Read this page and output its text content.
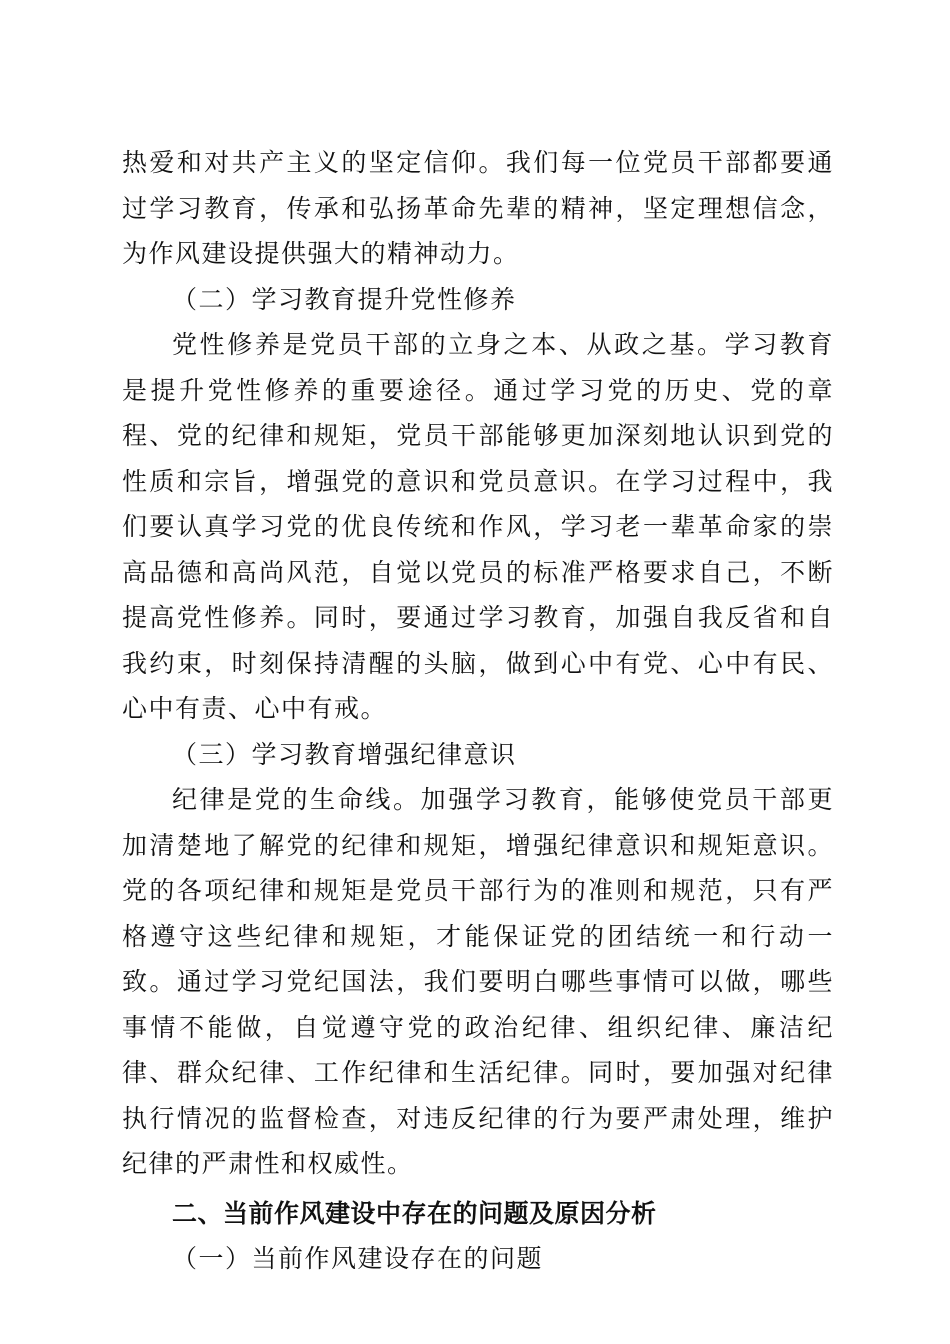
热爱和对共产主义的坚定信仰。我们每一位党员干部都要通过学习教育，传承和弘扬革命先辈的精神，坚定理想信念，为作风建设提供强大的精神动力。

（二）学习教育提升党性修养

党性修养是党员干部的立身之本、从政之基。学习教育是提升党性修养的重要途径。通过学习党的历史、党的章程、党的纪律和规矩，党员干部能够更加深刻地认识到党的性质和宗旨，增强党的意识和党员意识。在学习过程中，我们要认真学习党的优良传统和作风，学习老一辈革命家的崇高品德和高尚风范，自觉以党员的标准严格要求自己，不断提高党性修养。同时，要通过学习教育，加强自我反省和自我约束，时刻保持清醒的头脑，做到心中有党、心中有民、心中有责、心中有戒。

（三）学习教育增强纪律意识

纪律是党的生命线。加强学习教育，能够使党员干部更加清楚地了解党的纪律和规矩，增强纪律意识和规矩意识。党的各项纪律和规矩是党员干部行为的准则和规范，只有严格遵守这些纪律和规矩，才能保证党的团结统一和行动一致。通过学习党纪国法，我们要明白哪些事情可以做，哪些事情不能做，自觉遵守党的政治纪律、组织纪律、廉洁纪律、群众纪律、工作纪律和生活纪律。同时，要加强对纪律执行情况的监督检查，对违反纪律的行为要严肃处理，维护纪律的严肃性和权威性。

二、当前作风建设中存在的问题及原因分析
（一）当前作风建设存在的问题
